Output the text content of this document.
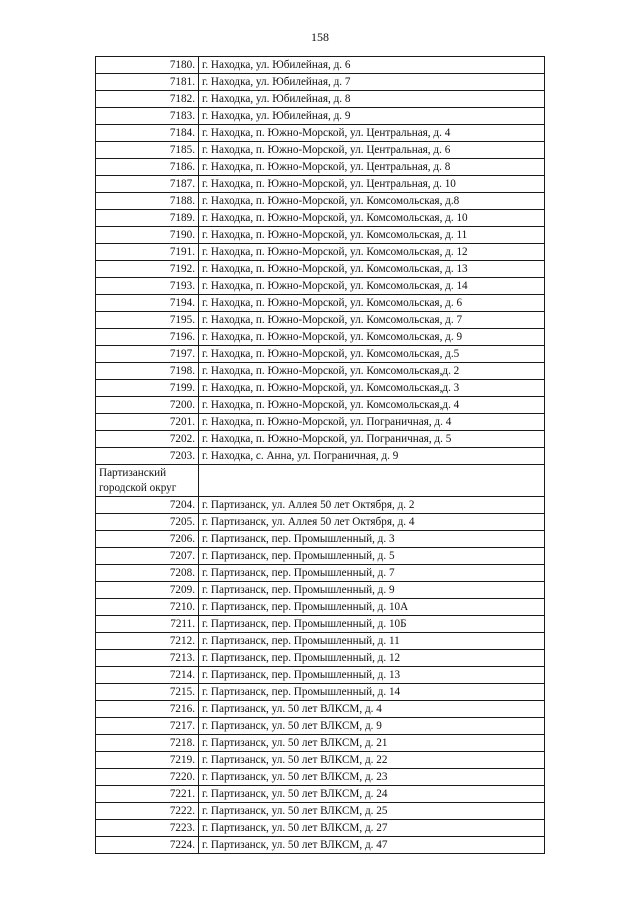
158
7180.	г. Находка, ул. Юбилейная, д. 6
7181.	г. Находка, ул. Юбилейная, д. 7
7182.	г. Находка, ул. Юбилейная, д. 8
7183.	г. Находка, ул. Юбилейная, д. 9
7184.	г. Находка, п. Южно-Морской, ул. Центральная, д. 4
7185.	г. Находка, п. Южно-Морской, ул. Центральная, д. 6
7186.	г. Находка, п. Южно-Морской, ул. Центральная, д. 8
7187.	г. Находка, п. Южно-Морской, ул. Центральная, д. 10
7188.	г. Находка, п. Южно-Морской, ул. Комсомольская, д.8
7189.	г. Находка, п. Южно-Морской, ул. Комсомольская, д. 10
7190.	г. Находка, п. Южно-Морской, ул. Комсомольская, д. 11
7191.	г. Находка, п. Южно-Морской, ул. Комсомольская, д. 12
7192.	г. Находка, п. Южно-Морской, ул. Комсомольская, д. 13
7193.	г. Находка, п. Южно-Морской, ул. Комсомольская, д. 14
7194.	г. Находка, п. Южно-Морской, ул. Комсомольская, д. 6
7195.	г. Находка, п. Южно-Морской, ул. Комсомольская, д. 7
7196.	г. Находка, п. Южно-Морской, ул. Комсомольская, д. 9
7197.	г. Находка, п. Южно-Морской, ул. Комсомольская, д.5
7198.	г. Находка, п. Южно-Морской, ул. Комсомольская,д. 2
7199.	г. Находка, п. Южно-Морской, ул. Комсомольская,д. 3
7200.	г. Находка, п. Южно-Морской, ул. Комсомольская,д. 4
7201.	г. Находка, п. Южно-Морской, ул. Пограничная, д. 4
7202.	г. Находка, п. Южно-Морской, ул. Пограничная, д. 5
7203.	г. Находка, с. Анна, ул. Пограничная, д. 9
Партизанский городской округ	
7204.	г. Партизанск, ул. Аллея 50 лет Октября, д. 2
7205.	г. Партизанск, ул. Аллея 50 лет Октября, д. 4
7206.	г. Партизанск, пер. Промышленный, д. 3
7207.	г. Партизанск, пер. Промышленный, д. 5
7208.	г. Партизанск, пер. Промышленный, д. 7
7209.	г. Партизанск, пер. Промышленный, д. 9
7210.	г. Партизанск, пер. Промышленный, д. 10А
7211.	г. Партизанск, пер. Промышленный, д. 10Б
7212.	г. Партизанск, пер. Промышленный, д. 11
7213.	г. Партизанск, пер. Промышленный, д. 12
7214.	г. Партизанск, пер. Промышленный, д. 13
7215.	г. Партизанск, пер. Промышленный, д. 14
7216.	г. Партизанск, ул. 50 лет ВЛКСМ, д. 4
7217.	г. Партизанск, ул. 50 лет ВЛКСМ, д. 9
7218.	г. Партизанск, ул. 50 лет ВЛКСМ, д. 21
7219.	г. Партизанск, ул. 50 лет ВЛКСМ, д. 22
7220.	г. Партизанск, ул. 50 лет ВЛКСМ, д. 23
7221.	г. Партизанск, ул. 50 лет ВЛКСМ, д. 24
7222.	г. Партизанск, ул. 50 лет ВЛКСМ, д. 25
7223.	г. Партизанск, ул. 50 лет ВЛКСМ, д. 27
7224.	г. Партизанск, ул. 50 лет ВЛКСМ, д. 47
